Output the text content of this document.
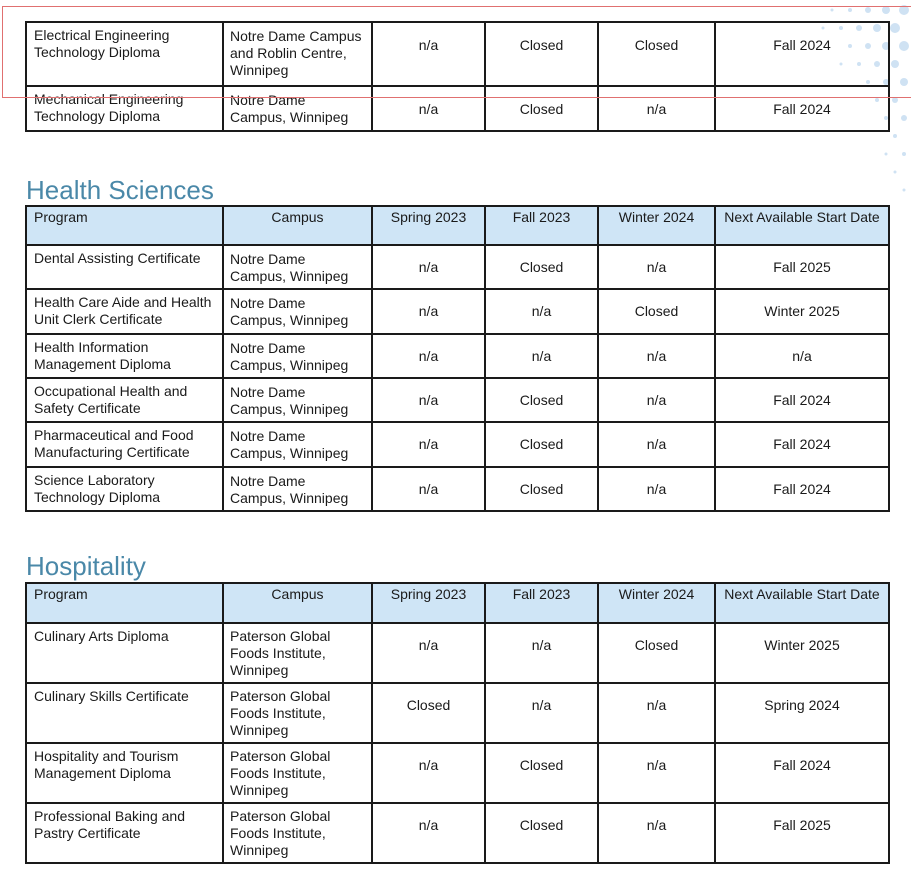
Electrical Engineering Technology Diploma	Notre Dame Campus and Roblin Centre, Winnipeg	n/a	Closed	Closed	Fall 2024
Mechanical Engineering Technology Diploma	Notre Dame Campus, Winnipeg	n/a	Closed	n/a	Fall 2024
Health Sciences
Program	Campus	Spring 2023	Fall 2023	Winter 2024	Next Available Start Date
Dental Assisting Certificate	Notre Dame Campus, Winnipeg	n/a	Closed	n/a	Fall 2025
Health Care Aide and Health Unit Clerk Certificate	Notre Dame Campus, Winnipeg	n/a	n/a	Closed	Winter 2025
Health Information Management Diploma	Notre Dame Campus, Winnipeg	n/a	n/a	n/a	n/a
Occupational Health and Safety Certificate	Notre Dame Campus, Winnipeg	n/a	Closed	n/a	Fall 2024
Pharmaceutical and Food Manufacturing Certificate	Notre Dame Campus, Winnipeg	n/a	Closed	n/a	Fall 2024
Science Laboratory Technology Diploma	Notre Dame Campus, Winnipeg	n/a	Closed	n/a	Fall 2024
Hospitality
Program	Campus	Spring 2023	Fall 2023	Winter 2024	Next Available Start Date
Culinary Arts Diploma	Paterson Global Foods Institute, Winnipeg	n/a	n/a	Closed	Winter 2025
Culinary Skills Certificate	Paterson Global Foods Institute, Winnipeg	Closed	n/a	n/a	Spring 2024
Hospitality and Tourism Management Diploma	Paterson Global Foods Institute, Winnipeg	n/a	Closed	n/a	Fall 2024
Professional Baking and Pastry Certificate	Paterson Global Foods Institute, Winnipeg	n/a	Closed	n/a	Fall 2025
